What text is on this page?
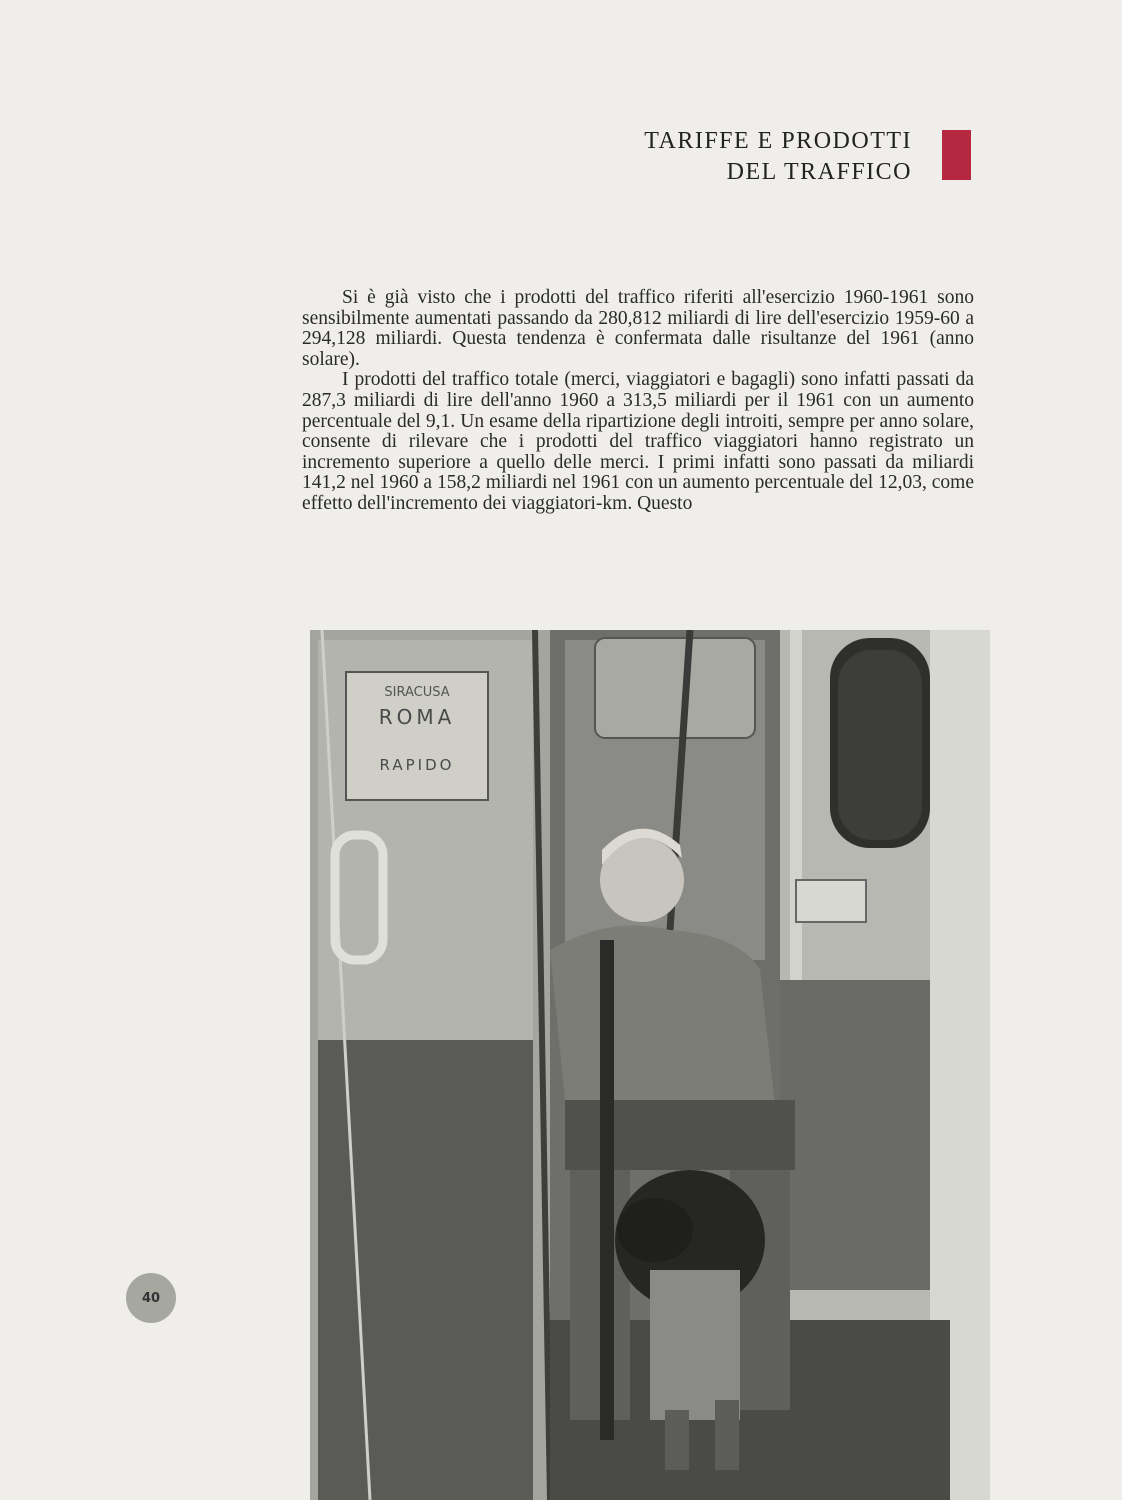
TARIFFE E PRODOTTI
DEL TRAFFICO

Si è già visto che i prodotti del traffico riferiti all'esercizio 1960-1961 sono sensibilmente aumentati passando da 280,812 miliardi di lire dell'esercizio 1959-60 a 294,128 miliardi. Questa tendenza è confermata dalle risultanze del 1961 (anno solare).

I prodotti del traffico totale (merci, viaggiatori e bagagli) sono infatti passati da 287,3 miliardi di lire dell'anno 1960 a 313,5 miliardi per il 1961 con un aumento percentuale del 9,1. Un esame della ripartizione degli introiti, sempre per anno solare, consente di rilevare che i prodotti del traffico viaggiatori hanno registrato un incremento superiore a quello delle merci. I primi infatti sono passati da miliardi 141,2 nel 1960 a 158,2 miliardi nel 1961 con un aumento percentuale del 12,03, come effetto dell'incremento dei viaggiatori-km. Questo

SIRACUSA
ROMA
RAPIDO
40
